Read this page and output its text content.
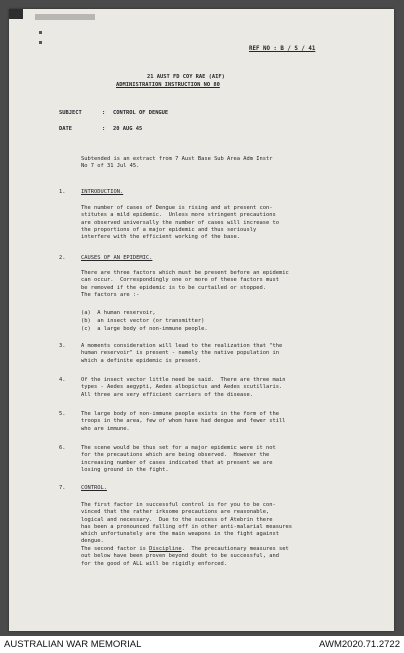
REF NO : B / S / 41
21 AUST FD COY RAE (AIF)
ADMINISTRATION INSTRUCTION NO 80
SUBJECT	: CONTROL OF DENGUE
DATE	: 20 AUG 45
Subtended is an extract from 7 Aust Base Sub Area Adm Instr
No 7 of 31 Jul 45.
1.	INTRODUCTION.
The number of cases of Dengue is rising and at present con-
stitutes a mild epidemic.  Unless more stringent precautions
are observed universally the number of cases will increase to
the proportions of a major epidemic and thus seriously
interfere with the efficient working of the base.
2.	CAUSES OF AN EPIDEMIC.
There are three factors which must be present before an epidemic
can occur.  Correspondingly one or more of these factors must
be removed if the epidemic is to be curtailed or stopped.
The factors are :-
(a)  A human reservoir,
(b)  an insect vector (or transmitter)
(c)  a large body of non-immune people.
3.	A moments consideration will lead to the realization that "the
human reservoir" is present - namely the native population in
which a definite epidemic is present.
4.	Of the insect vector little need be said.  There are three main
types - Aedes aegypti, Aedes albopictus and Aedes scutillaris.
All three are very efficient carriers of the disease.
5.	The large body of non-immune people exists in the form of the
troops in the area, few of whom have had dengue and fewer still
who are immune.
6.	The scene would be thus set for a major epidemic were it not
for the precautions which are being observed.  However the
increasing number of cases indicated that at present we are
losing ground in the fight.
7.	CONTROL.
The first factor in successful control is for you to be con-
vinced that the rather irksome precautions are reasonable,
logical and necessary.  Due to the success of Atebrin there
has been a pronounced falling off in other anti-malarial measures
which unfortunately are the main weapons in the fight against
dengue.
The second factor is Discipline.  The precautionary measures set
out below have been proven beyond doubt to be successful, and
for the good of ALL will be rigidly enforced.
AUSTRALIAN WAR MEMORIAL	AWM2020.71.2722
